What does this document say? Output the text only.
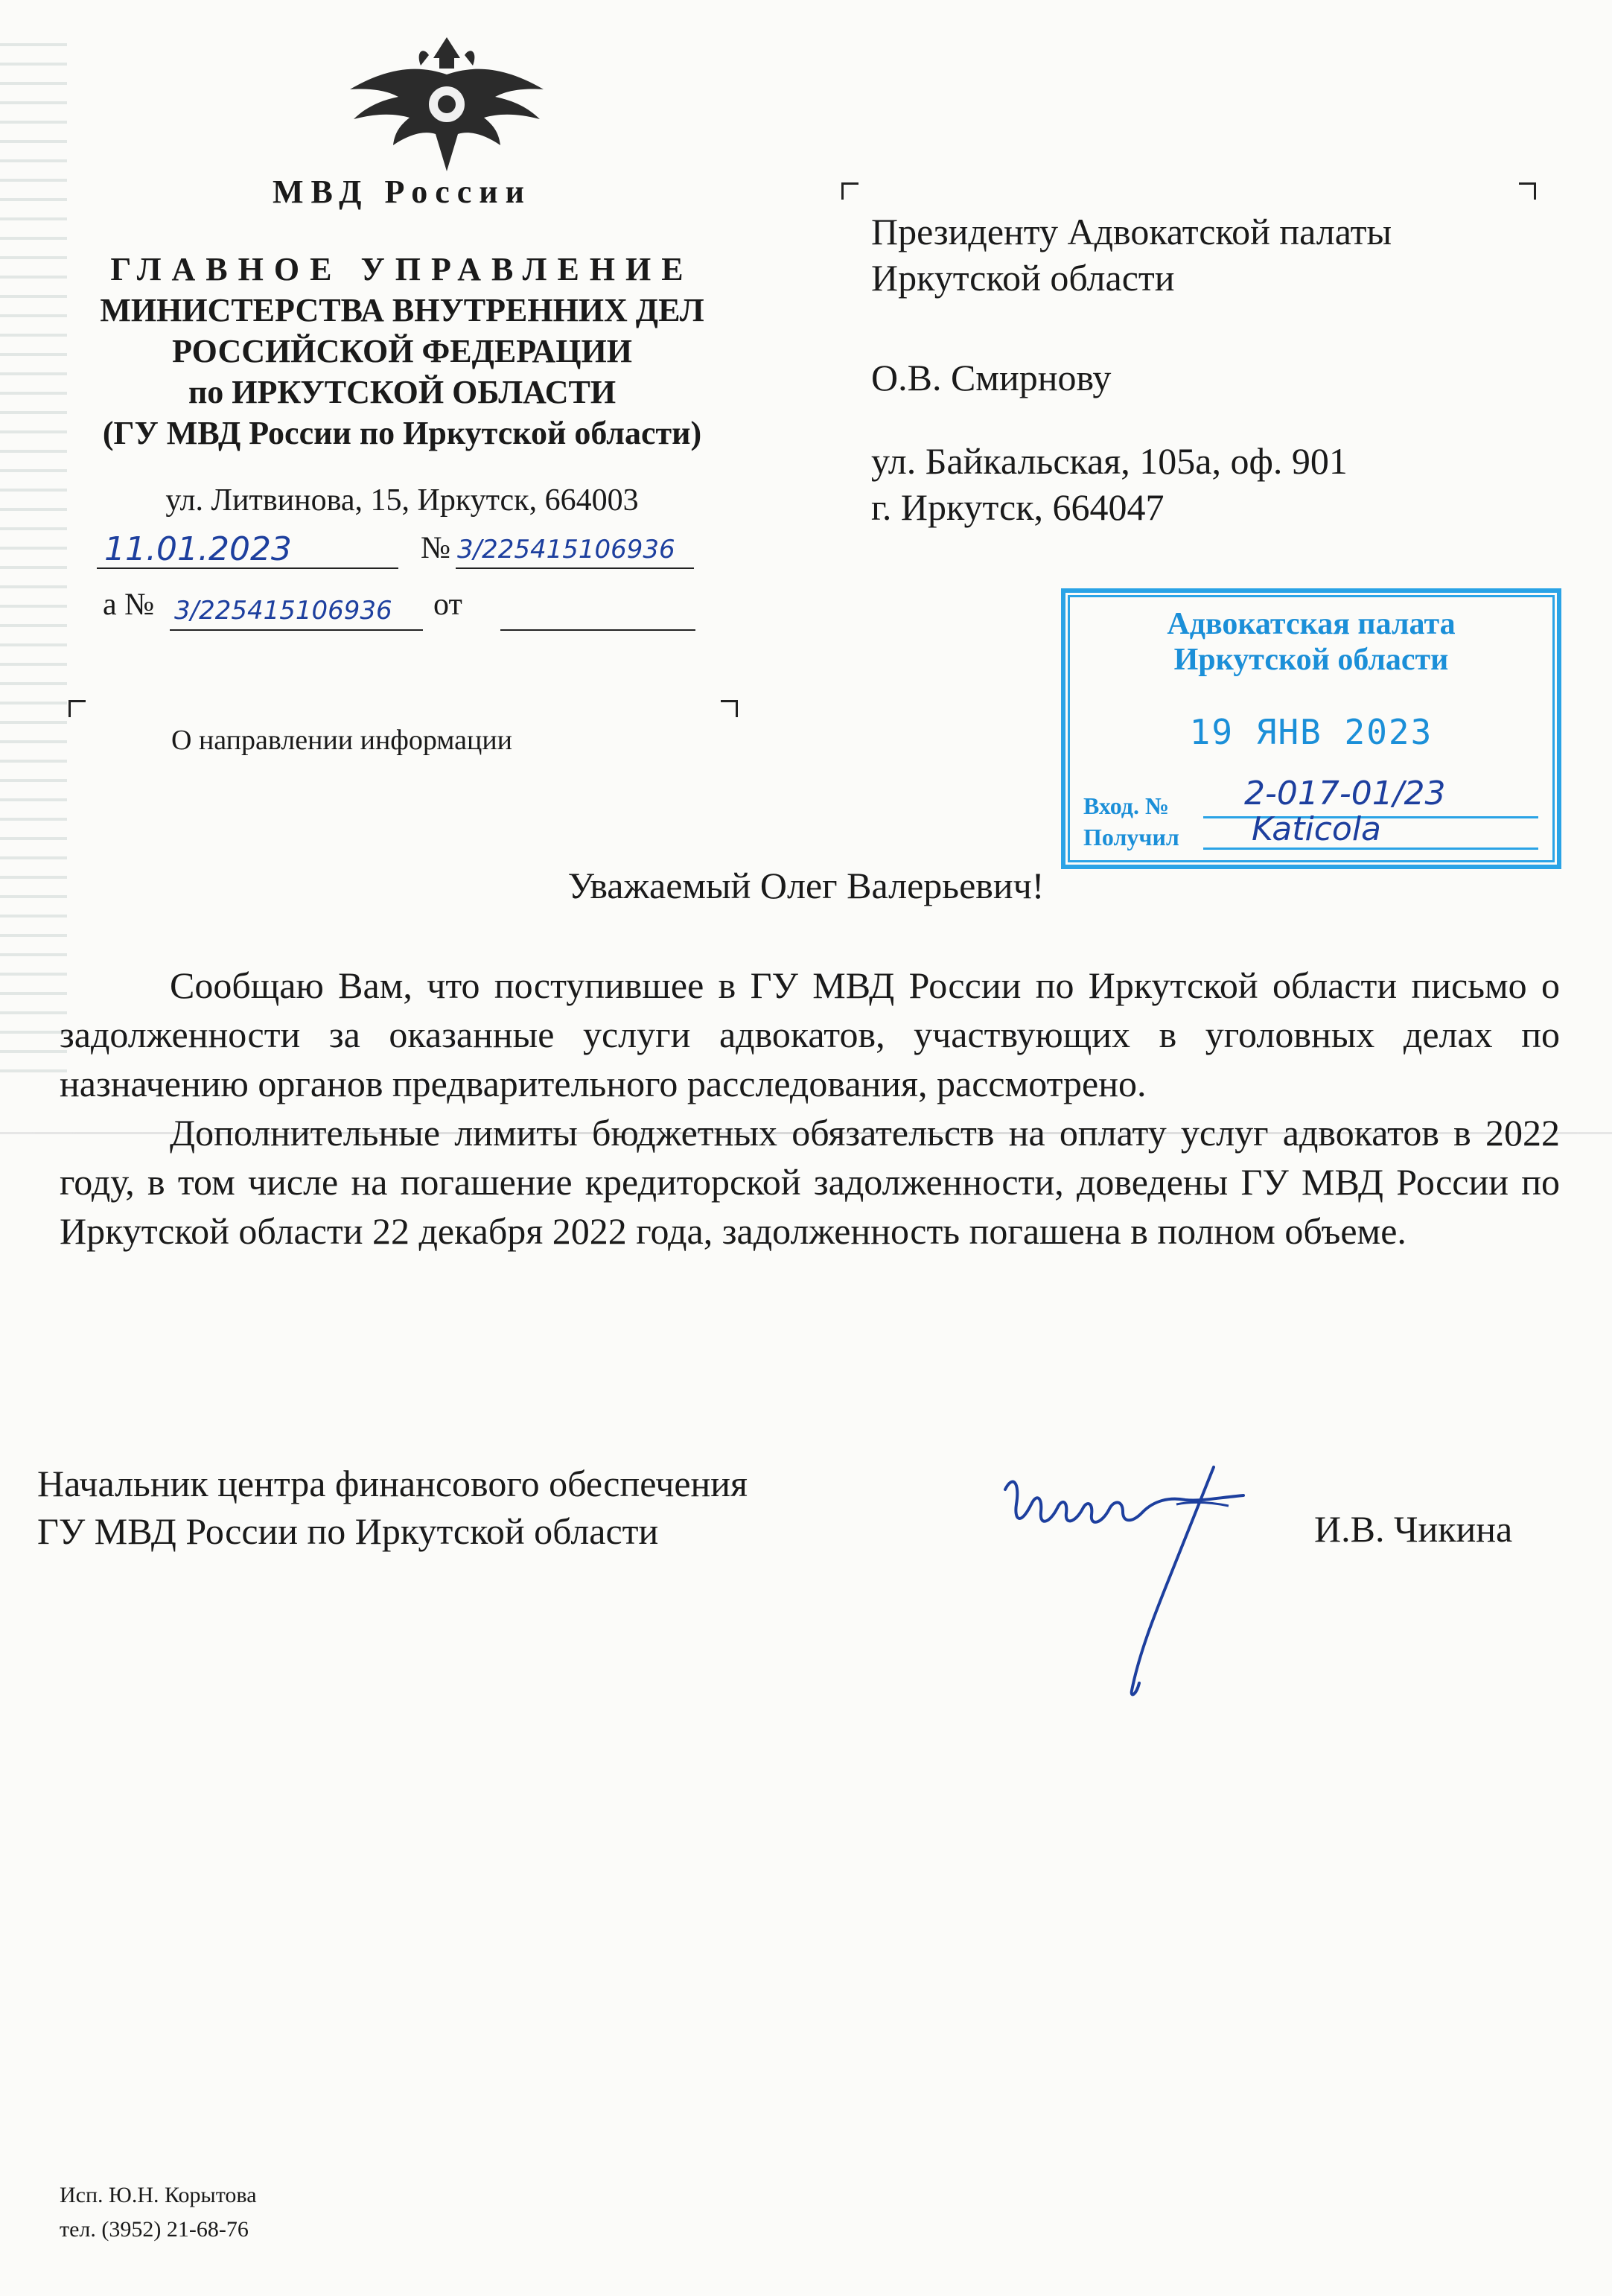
МВД России
ГЛАВНОЕ УПРАВЛЕНИЕ
МИНИСТЕРСТВА ВНУТРЕННИХ ДЕЛ
РОССИЙСКОЙ ФЕДЕРАЦИИ
по ИРКУТСКОЙ ОБЛАСТИ
(ГУ МВД России по Иркутской области)
ул. Литвинова, 15, Иркутск, 664003
11.01.2023	№ 3/225415106936
а № 3/225415106936 от
О направлении информации
Президенту Адвокатской палаты
Иркутской области
О.В. Смирнову
ул. Байкальская, 105а, оф. 901
г. Иркутск, 664047
Адвокатская палата
Иркутской области
19 ЯНВ 2023
Вход. № 2-017-01/23
Получил Katicola
Уважаемый Олег Валерьевич!

Сообщаю Вам, что поступившее в ГУ МВД России по Иркутской области письмо о задолженности за оказанные услуги адвокатов, участвующих в уголовных делах по назначению органов предварительного расследования, рассмотрено.

Дополнительные лимиты бюджетных обязательств на оплату услуг адвокатов в 2022 году, в том числе на погашение кредиторской задолженности, доведены ГУ МВД России по Иркутской области 22 декабря 2022 года, задолженность погашена в полном объеме.

Начальник центра финансового обеспечения
ГУ МВД России по Иркутской области	И.В. Чикина
Исп. Ю.Н. Корытова
тел. (3952) 21-68-76
